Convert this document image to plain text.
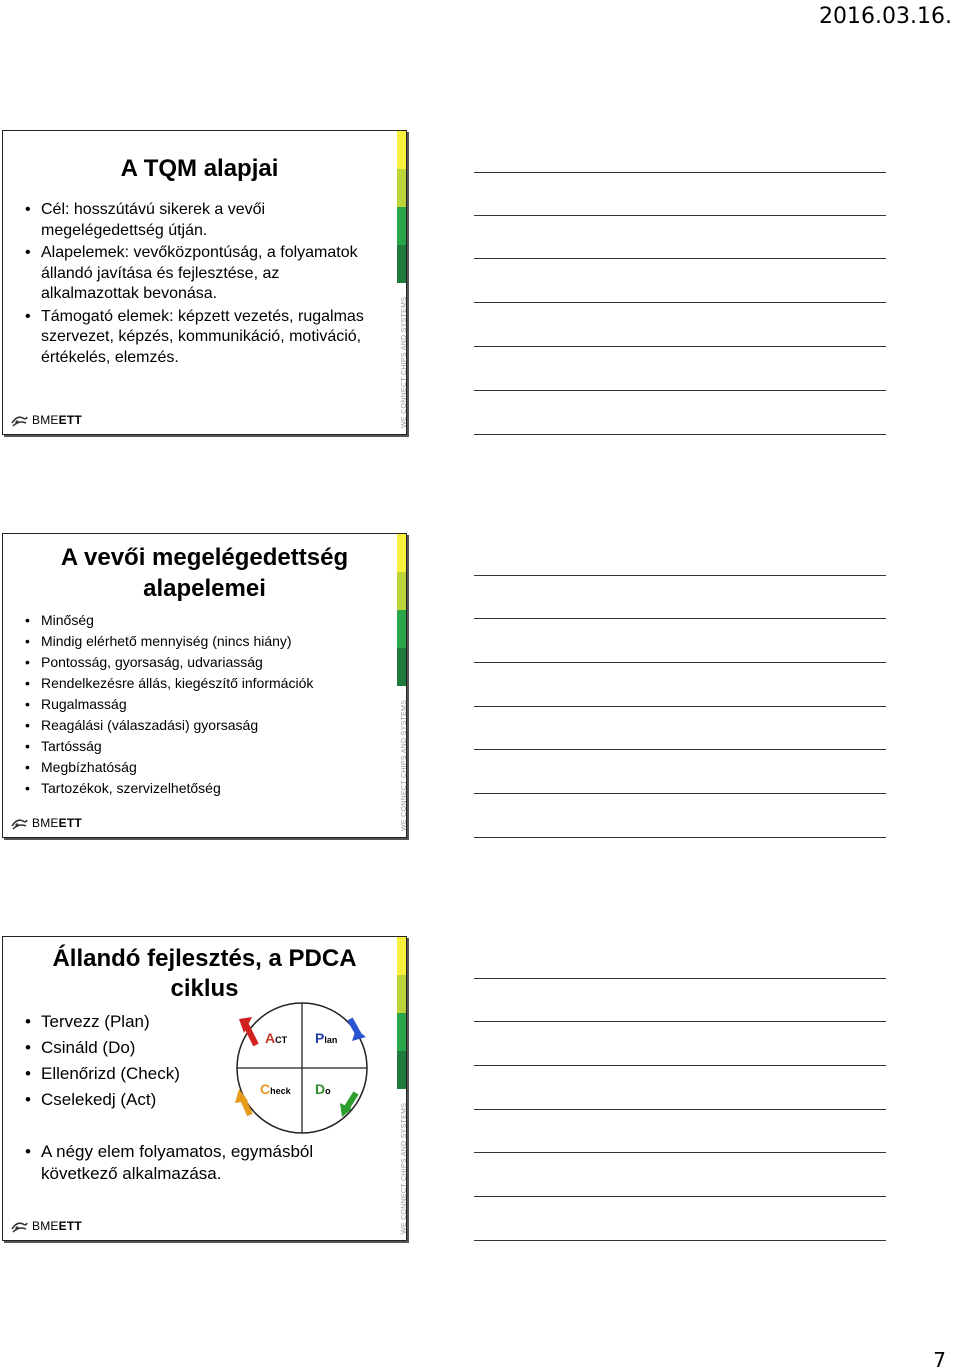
2016.03.16.
WE CONNECT CHIPS AND SYSTEMS
A TQM alapjai
• Cél: hosszútávú sikerek a vevői megelégedettség útján.
• Alapelemek: vevőközpontúság, a folyamatok állandó javítása és fejlesztése, az alkalmazottak bevonása.
• Támogató elemek: képzett vezetés, rugalmas szervezet, képzés, kommunikáció, motiváció, értékelés, elemzés.
BMEETT
WE CONNECT CHIPS AND SYSTEMS
A vevői megelégedettség alapelemei
• Minőség
• Mindig elérhető mennyiség (nincs hiány)
• Pontosság, gyorsaság, udvariasság
• Rendelkezésre állás, kiegészítő információk
• Rugalmasság
• Reagálási (válaszadási) gyorsaság
• Tartósság
• Megbízhatóság
• Tartozékok, szervizelhetőség
BMEETT
WE CONNECT CHIPS AND SYSTEMS
Állandó fejlesztés, a PDCA ciklus
• Tervezz (Plan)
• Csináld (Do)
• Ellenőrizd (Check)
• Cselekedj (Act)
ACT Plan
Check Do
• A négy elem folyamatos, egymásból következő alkalmazása.
BMEETT
7
